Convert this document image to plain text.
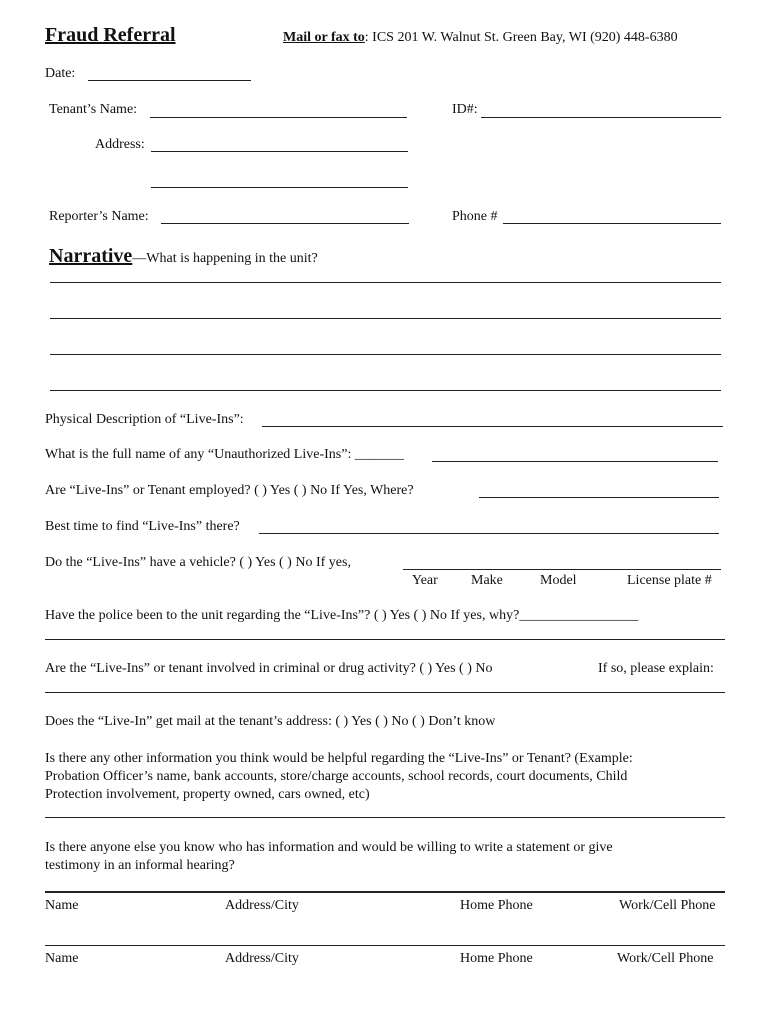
Fraud Referral	Mail or fax to: ICS 201 W. Walnut St. Green Bay, WI (920) 448-6380
Date:
Tenant’s Name:	ID#:
Address:
Reporter’s Name:	Phone #
Narrative—What is happening in the unit?
Physical Description of “Live-Ins”:
What is the full name of any “Unauthorized Live-Ins”: _______
Are “Live-Ins” or Tenant employed? ( ) Yes ( ) No If Yes, Where?
Best time to find “Live-Ins” there?
Do the “Live-Ins” have a vehicle? ( ) Yes ( ) No If yes,
Year Make	Model	License plate #
Have the police been to the unit regarding the “Live-Ins”? ( ) Yes ( ) No If yes, why?_________________
Are the “Live-Ins” or tenant involved in criminal or drug activity? ( ) Yes ( ) No	If so, please explain:
Does the “Live-In” get mail at the tenant’s address: ( ) Yes ( ) No ( ) Don’t know
Is there any other information you think would be helpful regarding the “Live-Ins” or Tenant? (Example:
Probation Officer’s name, bank accounts, store/charge accounts, school records, court documents, Child
Protection involvement, property owned, cars owned, etc)
Is there anyone else you know who has information and would be willing to write a statement or give
testimony in an informal hearing?
Name	Address/City	Home Phone	Work/Cell Phone
Name	Address/City	Home Phone	Work/Cell Phone
